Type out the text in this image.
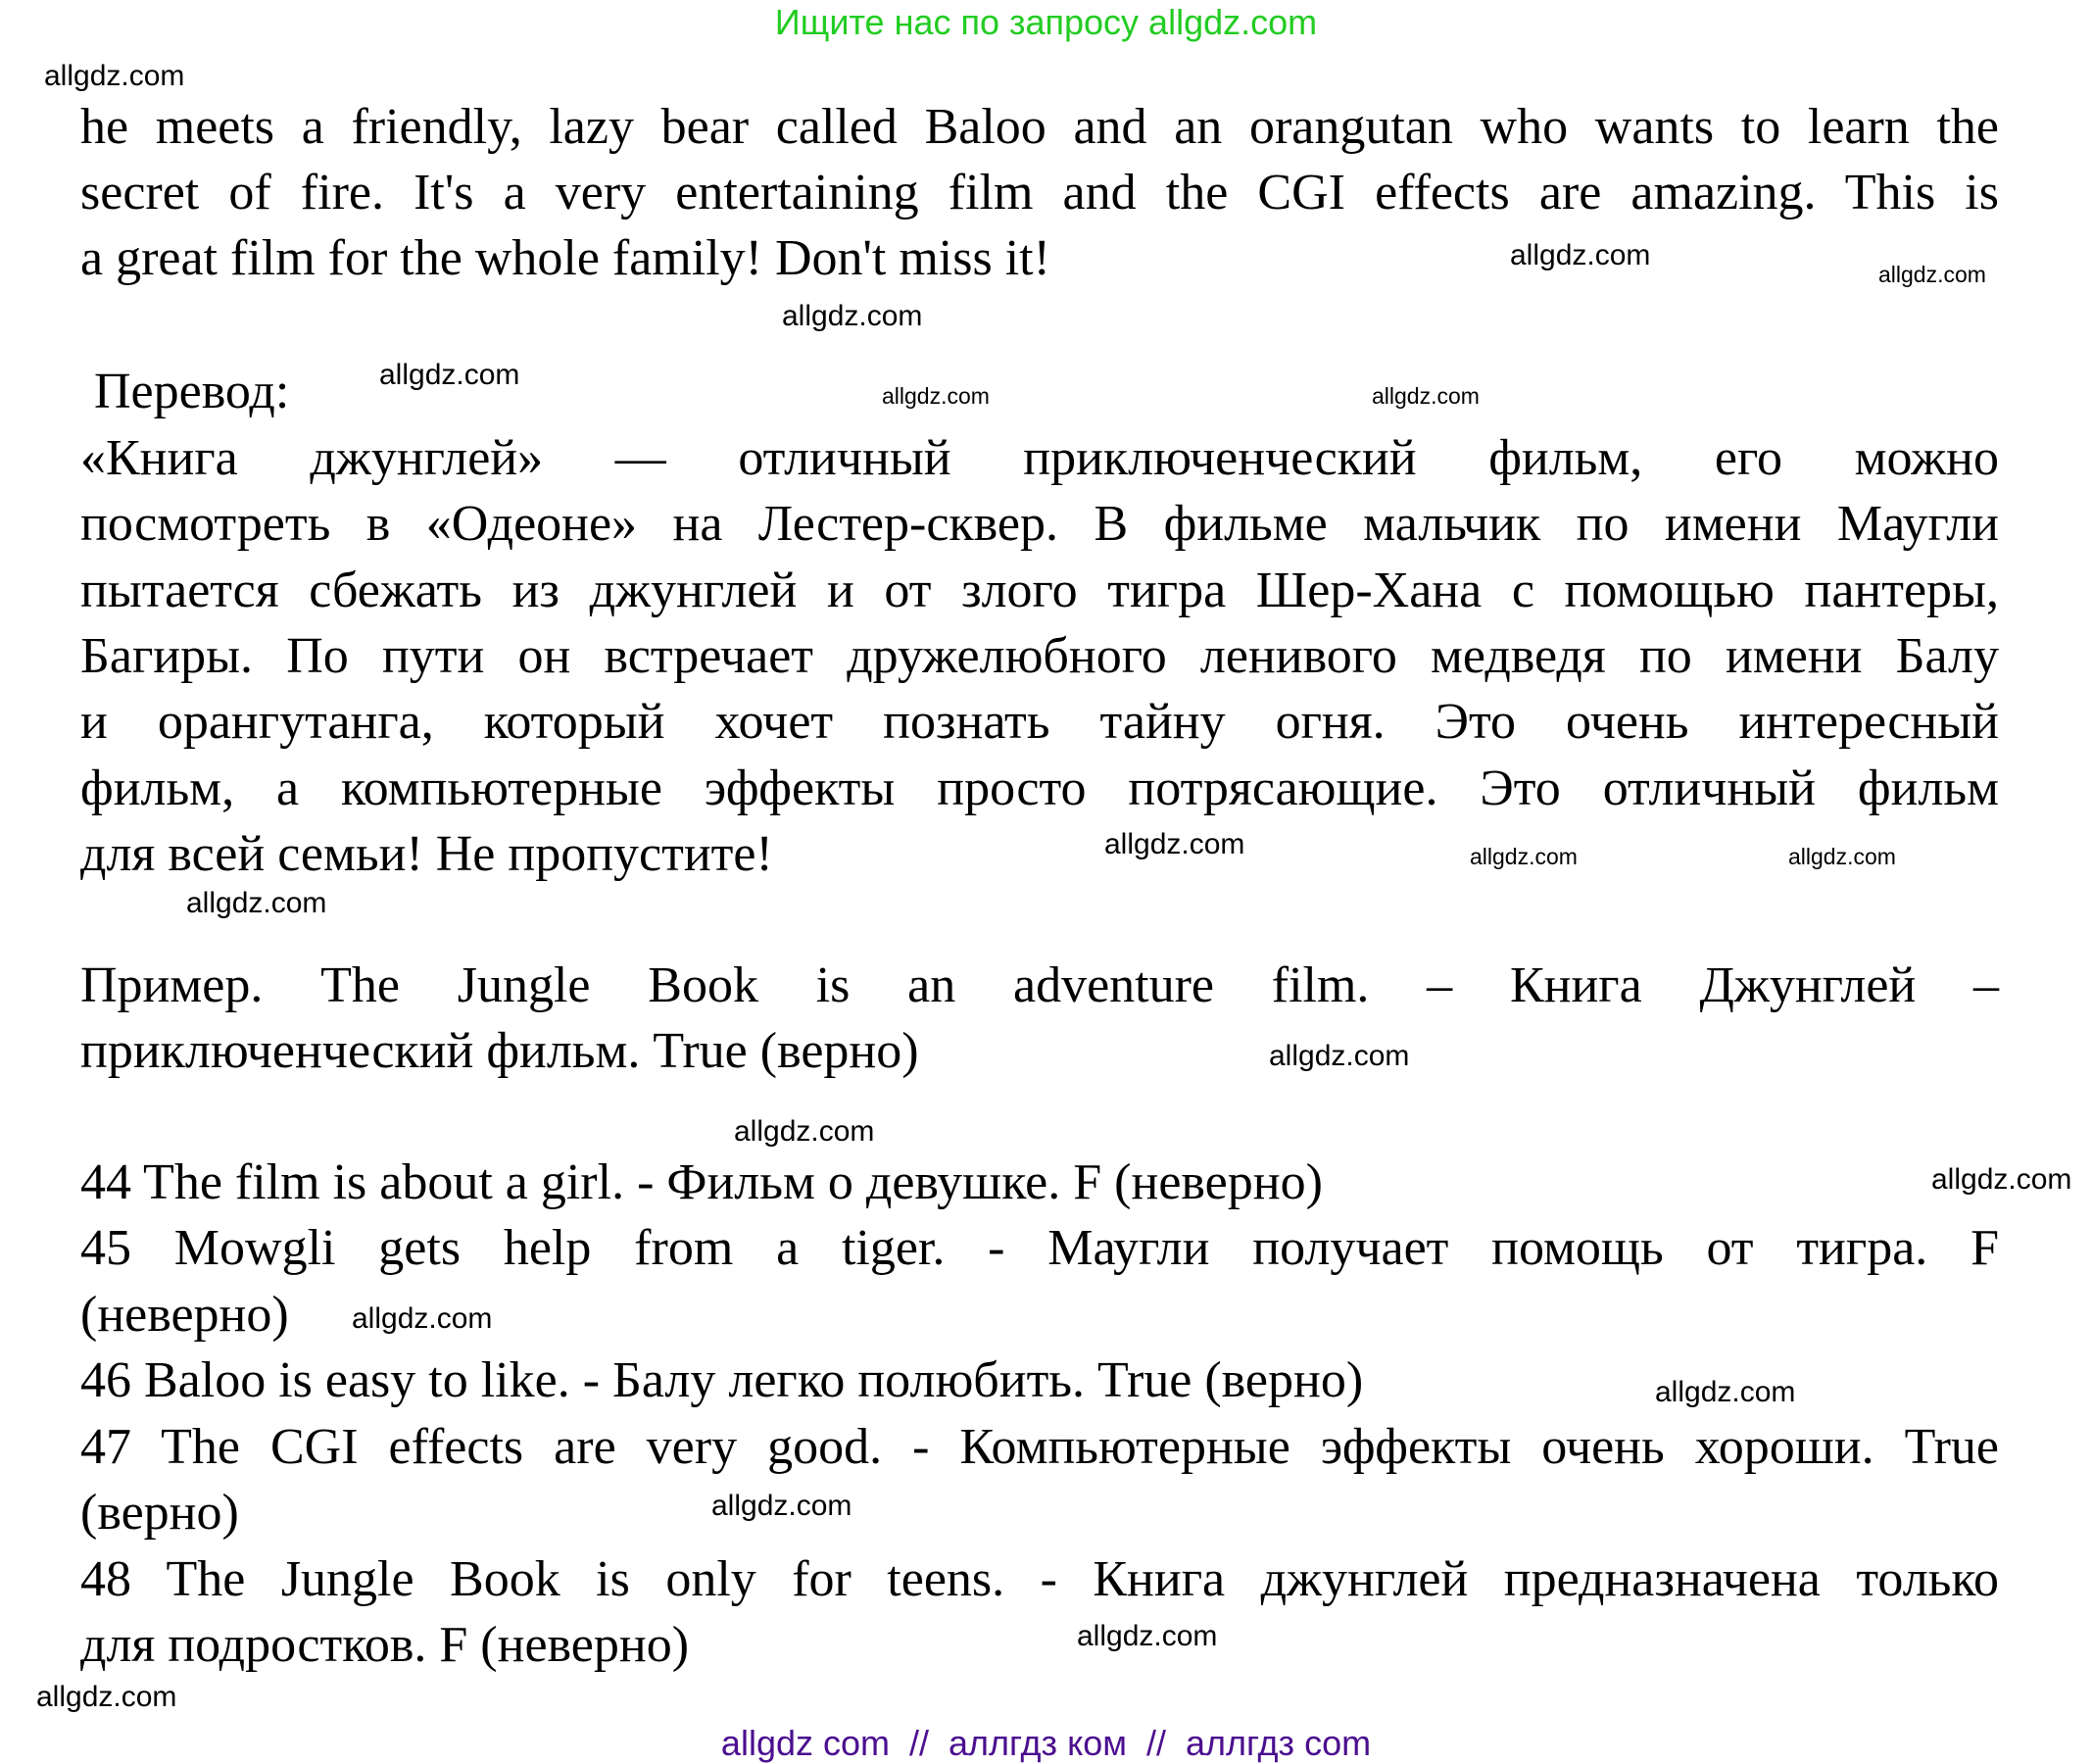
Ищите нас по запросу allgdz.com
he meets a friendly, lazy bear called Baloo and an orangutan who wants to learn the
secret of fire. It's a very entertaining film and the CGI effects are amazing. This is
a great film for the whole family! Don't miss it!
Перевод:
«Книга джунглей» — отличный приключенческий фильм, его можно
посмотреть в «Одеоне» на Лестер-сквер. В фильме мальчик по имени Маугли
пытается сбежать из джунглей и от злого тигра Шер-Хана с помощью пантеры,
Багиры. По пути он встречает дружелюбного ленивого медведя по имени Балу
и орангутанга, который хочет познать тайну огня. Это очень интересный
фильм, а компьютерные эффекты просто потрясающие. Это отличный фильм
для всей семьи! Не пропустите!
Пример. The Jungle Book is an adventure film. – Книга Джунглей –
приключенческий фильм. True (верно)
44 The film is about a girl. - Фильм о девушке. F (неверно)
45 Mowgli gets help from a tiger. - Маугли получает помощь от тигра. F
(неверно)
46 Baloo is easy to like. - Балу легко полюбить. True (верно)
47 The CGI effects are very good. - Компьютерные эффекты очень хороши. True
(верно)
48 The Jungle Book is only for teens. - Книга джунглей предназначена только
для подростков. F (неверно)
allgdz.com
allgdz.com
allgdz.com
allgdz.com
allgdz.com
allgdz.com
allgdz.com	allgdz.com
allgdz.com
allgdz.com
allgdz.com
allgdz.com
allgdz.com
allgdz.com
allgdz.com
allgdz.com
allgdz.com
allgdz.com
allgdz.com
allgdz com  //  аллгдз ком  //  аллгдз com
